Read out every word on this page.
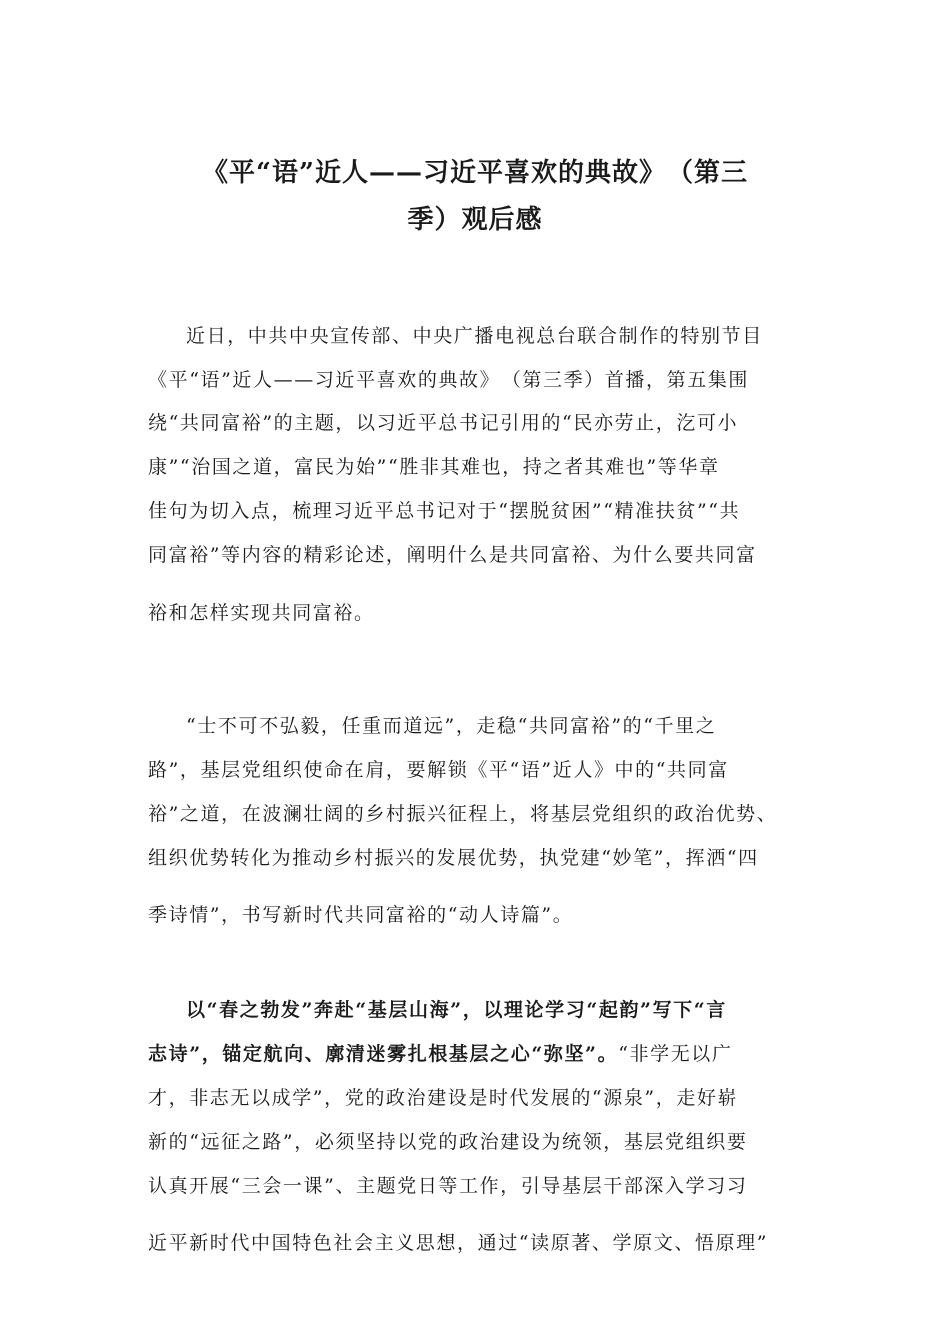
《平“语”近人——习近平喜欢的典故》　（第三
季）观后感
近日，中共中央宣传部、中央广播电视总台联合制作的特别节目
《平“语”近人——习近平喜欢的典故》　（第三季）首播，第五集围
绕“共同富裕”的主题，以习近平总书记引用的“民亦劳止，汔可小
康”“治国之道，富民为始”“胜非其难也，持之者其难也”等华章
佳句为切入点，梳理习近平总书记对于“摆脱贫困”“精准扶贫”“共
同富裕”等内容的精彩论述，阐明什么是共同富裕、为什么要共同富
裕和怎样实现共同富裕。
“士不可不弘毅，任重而道远”，走稳“共同富裕”的“千里之
路”，基层党组织使命在肩，要解锁《平“语”近人》中的“共同富
裕”之道，在波澜壮阔的乡村振兴征程上，将基层党组织的政治优势、
组织优势转化为推动乡村振兴的发展优势，执党建“妙笔”，挥洒“四
季诗情”，书写新时代共同富裕的“动人诗篇”。
以“春之勃发”奔赴“基层山海”，以理论学习“起韵”写下“言
志诗”，锚定航向、廓清迷雾扎根基层之心“弥坚”。“非学无以广
才，非志无以成学”，党的政治建设是时代发展的“源泉”，走好崭
新的“远征之路”，必须坚持以党的政治建设为统领，基层党组织要
认真开展“三会一课”、主题党日等工作，引导基层干部深入学习习
近平新时代中国特色社会主义思想，通过“读原著、学原文、悟原理”
